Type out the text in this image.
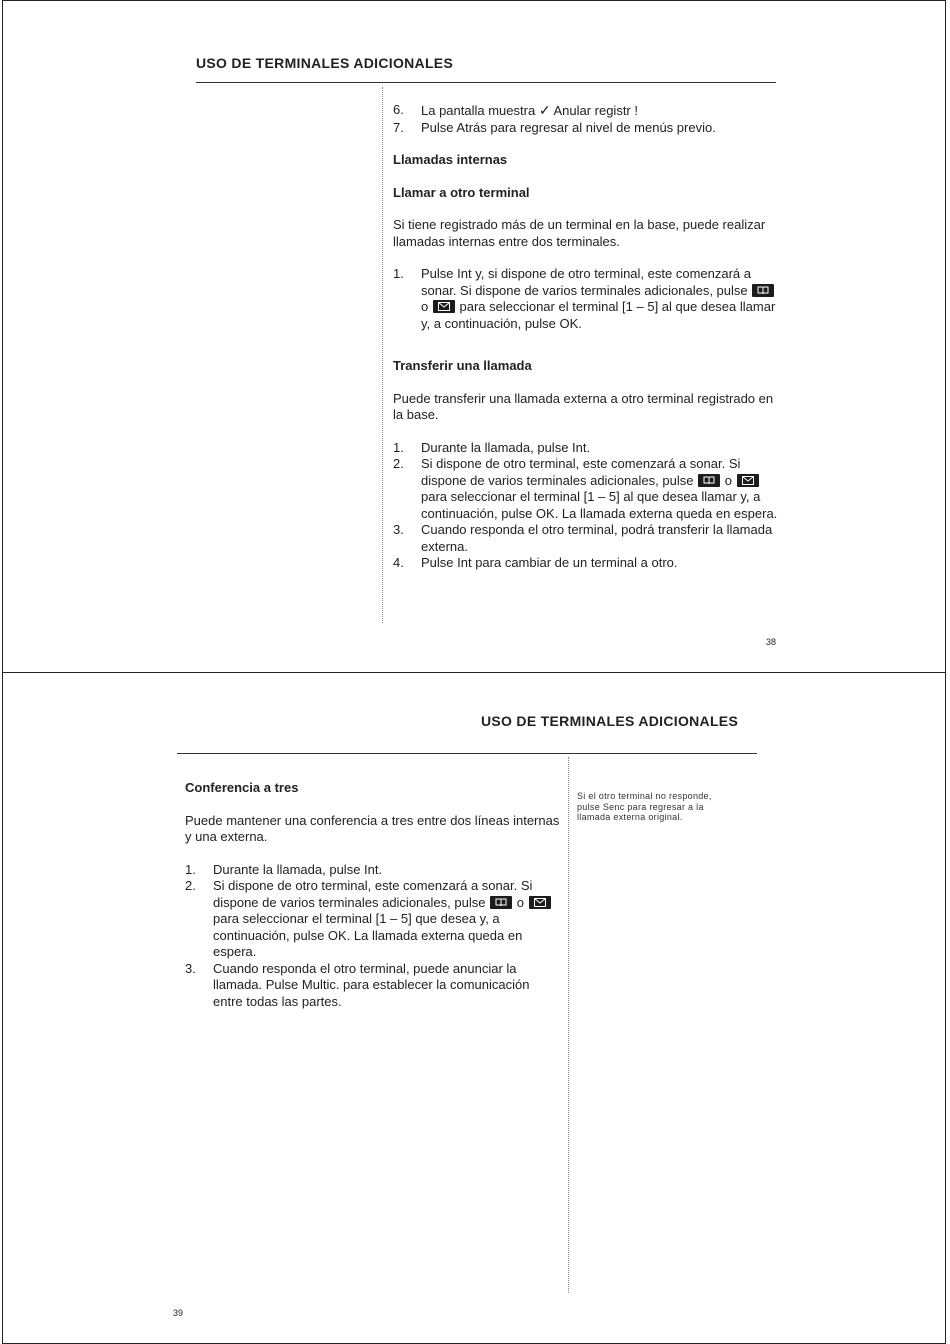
USO DE TERMINALES ADICIONALES
6.	La pantalla muestra ✓ Anular registr !
7.	Pulse Atrás para regresar al nivel de menús previo.

Llamadas internas

Llamar a otro terminal

Si tiene registrado más de un terminal en la base, puede realizar llamadas internas entre dos terminales.

1.	Pulse Int y, si dispone de otro terminal, este comenzará a sonar. Si dispone de varios terminales adicionales, pulse
o para seleccionar el terminal [1 – 5] al que desea llamar y, a continuación, pulse OK.

Transferir una llamada

Puede transferir una llamada externa a otro terminal registrado en la base.

1.	Durante la llamada, pulse Int.
2.	Si dispone de otro terminal, este comenzará a sonar. Si dispone de varios terminales adicionales, pulse o
para seleccionar el terminal [1 – 5] al que desea llamar y, a continuación, pulse OK. La llamada externa queda en espera.
3.	Cuando responda el otro terminal, podrá transferir la llamada externa.
4.	Pulse Int para cambiar de un terminal a otro.
38
USO DE TERMINALES ADICIONALES

Conferencia a tres

Puede mantener una conferencia a tres entre dos líneas internas y una externa.

1.	Durante la llamada, pulse Int.
2.	Si dispone de otro terminal, este comenzará a sonar. Si dispone de varios terminales adicionales, pulse o
para seleccionar el terminal [1 – 5] que desea y, a continuación, pulse OK. La llamada externa queda en espera.
3.	Cuando responda el otro terminal, puede anunciar la llamada. Pulse Multic. para establecer la comunicación entre todas las partes.
Si el otro terminal no responde, pulse Senc para regresar a la llamada externa original.
39
